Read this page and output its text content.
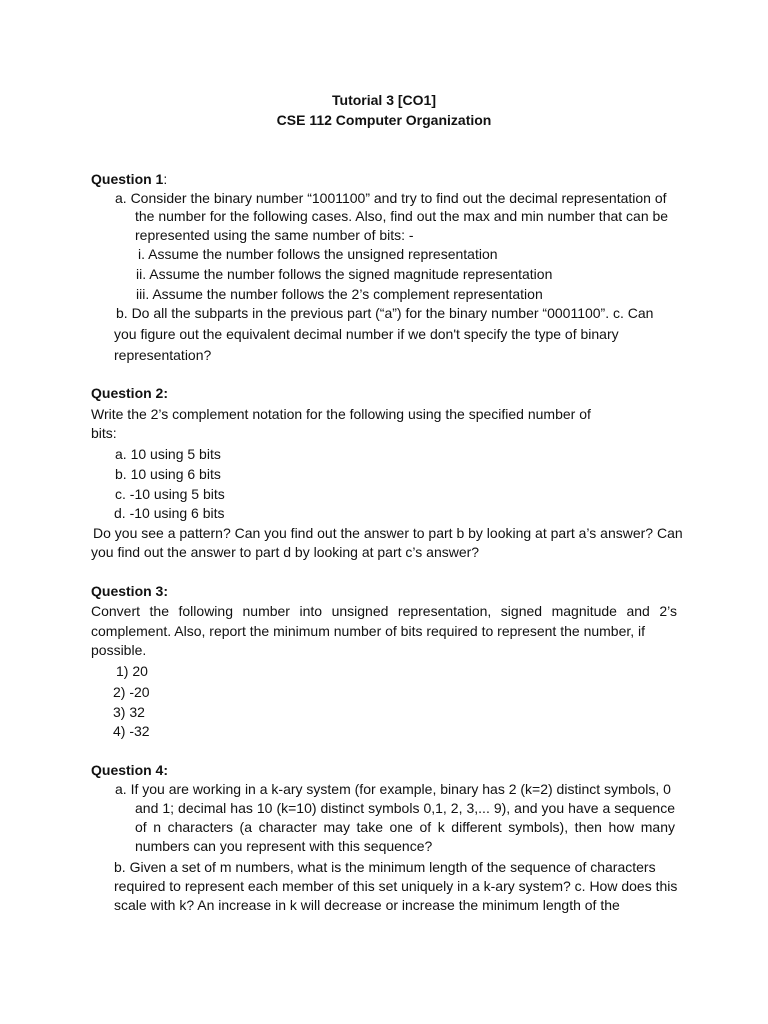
Tutorial 3 [CO1]
CSE 112 Computer Organization
Question 1:
a. Consider the binary number “1001100” and try to find out the decimal representation of
the number for the following cases. Also, find out the max and min number that can be
represented using the same number of bits: -
i. Assume the number follows the unsigned representation
ii. Assume the number follows the signed magnitude representation
iii. Assume the number follows the 2’s complement representation
b. Do all the subparts in the previous part (“a”) for the binary number “0001100”. c. Can
you figure out the equivalent decimal number if we don't specify the type of binary
representation?
Question 2:
Write the 2’s complement notation for the following using the specified number of
bits:
a. 10 using 5 bits
b. 10 using 6 bits
c. -10 using 5 bits
d. -10 using 6 bits
Do you see a pattern? Can you find out the answer to part b by looking at part a’s answer? Can
you find out the answer to part d by looking at part c’s answer?
Question 3:
Convert the following number into unsigned representation, signed magnitude and 2’s
complement. Also, report the minimum number of bits required to represent the number, if
possible.
1) 20
2) -20
3) 32
4) -32
Question 4:
a. If you are working in a k-ary system (for example, binary has 2 (k=2) distinct symbols, 0
and 1; decimal has 10 (k=10) distinct symbols 0,1, 2, 3,... 9), and you have a sequence
of n characters (a character may take one of k different symbols), then how many
numbers can you represent with this sequence?
b. Given a set of m numbers, what is the minimum length of the sequence of characters
required to represent each member of this set uniquely in a k-ary system? c. How does this
scale with k? An increase in k will decrease or increase the minimum length of the
